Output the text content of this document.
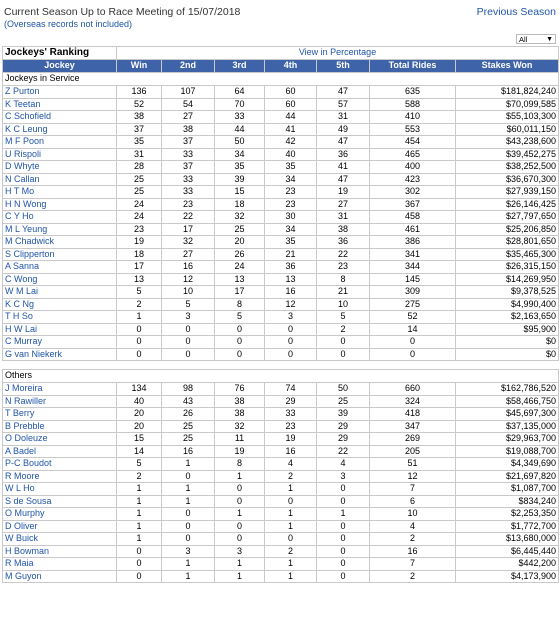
Current Season Up to Race Meeting of 15/07/2018
(Overseas records not included)
Previous Season
All	▼
Jockeys' Ranking	View in Percentage						
Jockey	Win	2nd	3rd	4th	5th	Total Rides	Stakes Won
Jockeys in Service							
Z Purton	136	107	64	60	47	635	$181,824,240
K Teetan	52	54	70	60	57	588	$70,099,585
C Schofield	38	27	33	44	31	410	$55,103,300
K C Leung	37	38	44	41	49	553	$60,011,150
M F Poon	35	37	50	42	47	454	$43,238,600
U Rispoli	31	33	34	40	36	465	$39,452,275
D Whyte	28	37	35	35	41	400	$38,252,500
N Callan	25	33	39	34	47	423	$36,670,300
H T Mo	25	33	15	23	19	302	$27,939,150
H N Wong	24	23	18	23	27	367	$26,146,425
C Y Ho	24	22	32	30	31	458	$27,797,650
M L Yeung	23	17	25	34	38	461	$25,206,850
M Chadwick	19	32	20	35	36	386	$28,801,650
S Clipperton	18	27	26	21	22	341	$35,465,300
A Sanna	17	16	24	36	23	344	$26,315,150
C Wong	13	12	13	13	8	145	$14,269,950
W M Lai	5	10	17	16	21	309	$9,378,525
K C Ng	2	5	8	12	10	275	$4,990,400
T H So	1	3	5	3	5	52	$2,163,650
H W Lai	0	0	0	0	2	14	$95,900
C Murray	0	0	0	0	0	0	$0
G van Niekerk	0	0	0	0	0	0	$0

Others							
J Moreira	134	98	76	74	50	660	$162,786,520
N Rawiller	40	43	38	29	25	324	$58,466,750
T Berry	20	26	38	33	39	418	$45,697,300
B Prebble	20	25	32	23	29	347	$37,135,000
O Doleuze	15	25	11	19	29	269	$29,963,700
A Badel	14	16	19	16	22	205	$19,088,700
P-C Boudot	5	1	8	4	4	51	$4,349,690
R Moore	2	0	1	2	3	12	$21,697,820
W L Ho	1	1	0	1	0	7	$1,087,700
S de Sousa	1	1	0	0	0	6	$834,240
O Murphy	1	0	1	1	1	10	$2,253,350
D Oliver	1	0	0	1	0	4	$1,772,700
W Buick	1	0	0	0	0	2	$13,680,000
H Bowman	0	3	3	2	0	16	$6,445,440
R Maia	0	1	1	1	0	7	$442,200
M Guyon	0	1	1	1	0	2	$4,173,900
